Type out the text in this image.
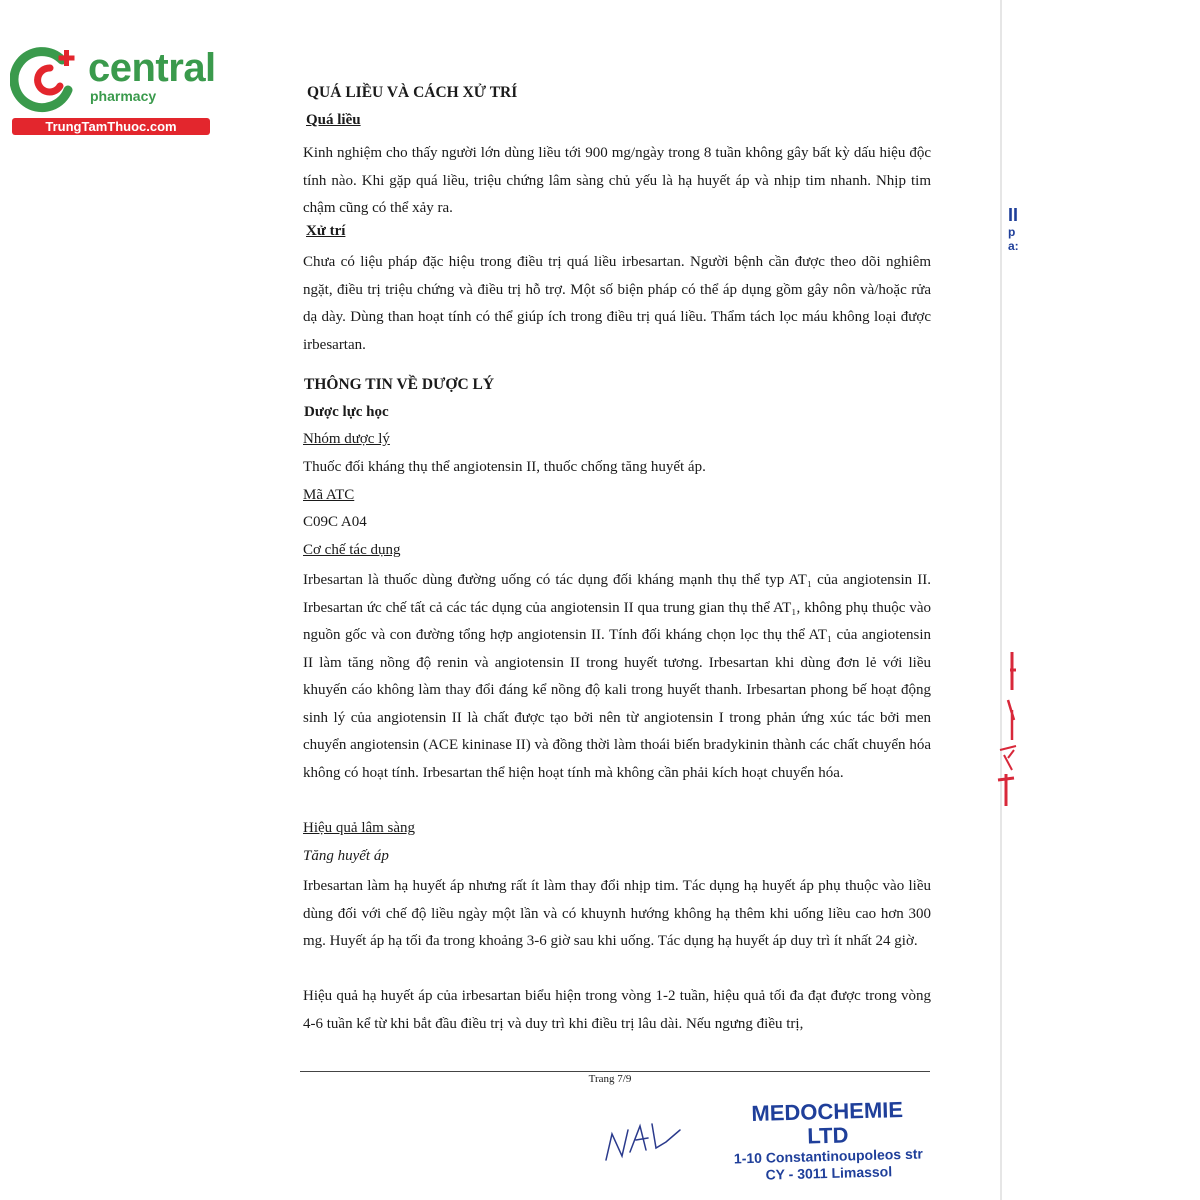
central
pharmacy
TrungTamThuoc.com
QUÁ LIỀU VÀ CÁCH XỬ TRÍ
Quá liều
Kinh nghiệm cho thấy người lớn dùng liều tới 900 mg/ngày trong 8 tuần không gây bất kỳ dấu hiệu độc tính nào. Khi gặp quá liều, triệu chứng lâm sàng chủ yếu là hạ huyết áp và nhịp tim nhanh. Nhịp tim chậm cũng có thể xảy ra.
Xử trí
Chưa có liệu pháp đặc hiệu trong điều trị quá liều irbesartan. Người bệnh cần được theo dõi nghiêm ngặt, điều trị triệu chứng và điều trị hỗ trợ. Một số biện pháp có thể áp dụng gồm gây nôn và/hoặc rửa dạ dày. Dùng than hoạt tính có thể giúp ích trong điều trị quá liều. Thẩm tách lọc máu không loại được irbesartan.
THÔNG TIN VỀ DƯỢC LÝ
Dược lực học
Nhóm dược lý
Thuốc đối kháng thụ thể angiotensin II, thuốc chống tăng huyết áp.
Mã ATC
C09C A04
Cơ chế tác dụng
Irbesartan là thuốc dùng đường uống có tác dụng đối kháng mạnh thụ thể typ AT₁ của angiotensin II. Irbesartan ức chế tất cả các tác dụng của angiotensin II qua trung gian thụ thể AT₁, không phụ thuộc vào nguồn gốc và con đường tổng hợp angiotensin II. Tính đối kháng chọn lọc thụ thể AT₁ của angiotensin II làm tăng nồng độ renin và angiotensin II trong huyết tương. Irbesartan khi dùng đơn lẻ với liều khuyến cáo không làm thay đổi đáng kể nồng độ kali trong huyết thanh. Irbesartan phong bế hoạt động sinh lý của angiotensin II là chất được tạo bởi nên từ angiotensin I trong phản ứng xúc tác bởi men chuyển angiotensin (ACE kininase II) và đồng thời làm thoái biến bradykinin thành các chất chuyển hóa không có hoạt tính. Irbesartan thể hiện hoạt tính mà không cần phải kích hoạt chuyển hóa.
Hiệu quả lâm sàng
Tăng huyết áp
Irbesartan làm hạ huyết áp nhưng rất ít làm thay đổi nhịp tim. Tác dụng hạ huyết áp phụ thuộc vào liều dùng đối với chế độ liều ngày một lần và có khuynh hướng không hạ thêm khi uống liều cao hơn 300 mg. Huyết áp hạ tối đa trong khoảng 3-6 giờ sau khi uống. Tác dụng hạ huyết áp duy trì ít nhất 24 giờ.
Hiệu quả hạ huyết áp của irbesartan biểu hiện trong vòng 1-2 tuần, hiệu quả tối đa đạt được trong vòng 4-6 tuần kể từ khi bắt đầu điều trị và duy trì khi điều trị lâu dài. Nếu ngưng điều trị,
Trang 7/9
MEDOCHEMIE LTD
1-10 Constantinoupoleos str
CY - 3011 Limassol
II
p
a:
